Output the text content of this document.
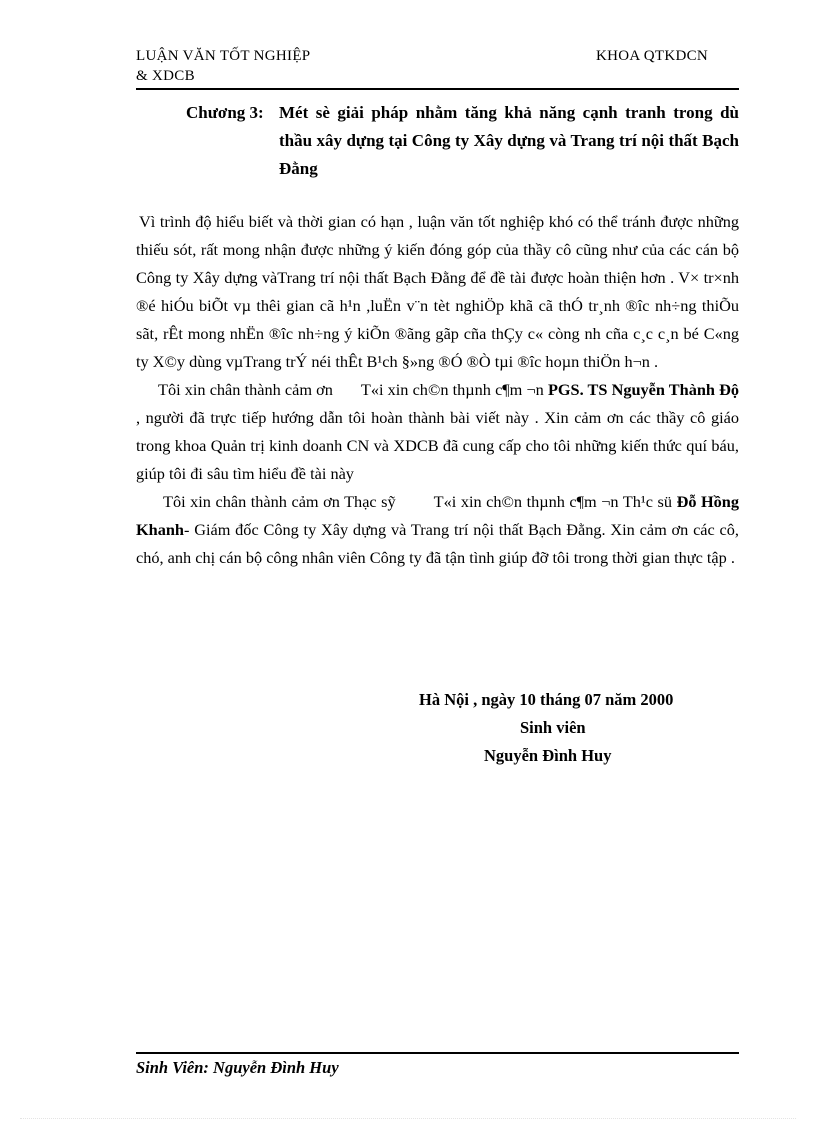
LUẬN VĂN TỐT NGHIỆP
& XDCB
KHOA QTKDCN
Chương 3: Mét sè giải pháp nhằm tăng khả năng cạnh tranh trong dù thầu xây dựng tại Công ty Xây dựng và Trang trí nội thất Bạch Đằng

Vì trình độ hiểu biết và thời gian có hạn , luận văn tốt nghiệp khó có thể tránh được những thiếu sót, rất mong nhận được những ý kiến đóng góp của thầy cô cũng như của các cán bộ Công ty Xây dựng vàTrang trí nội thất Bạch Đằng để đề tài được hoàn thiện hơn . V× tr×nh ®é hiÓu biÕt vµ thêi gian cã h¹n ,luËn v¨n tèt nghiÖp khã cã thÓ tr¸nh ®îc nh÷ng thiÕu sãt, rÊt mong nhËn ®îc nh÷ng ý kiÕn ®ãng gãp cña thÇy c« còng nh cña c¸c c¸n bé C«ng ty X©y dùng vµTrang trÝ néi thÊt B¹ch §»ng ®Ó ®Ò tµi ®îc hoµn thiÖn h¬n .

Tôi xin chân thành cảm ơn T«i xin ch©n thµnh c¶m ¬n PGS. TS Nguyễn Thành Độ , người đã trực tiếp hướng dẫn tôi hoàn thành bài viết này . Xin cảm ơn các thầy cô giáo trong khoa Quản trị kinh doanh CN và XDCB đã cung cấp cho tôi những kiến thức quí báu, giúp tôi đi sâu tìm hiểu đề tài này

Tôi xin chân thành cảm ơn Thạc sỹ T«i xin ch©n thµnh c¶m ¬n Th¹c sü Đỗ Hồng Khanh- Giám đốc Công ty Xây dựng và Trang trí nội thất Bạch Đằng. Xin cảm ơn các cô, chó, anh chị cán bộ công nhân viên Công ty đã tận tình giúp đỡ tôi trong thời gian thực tập .

Hà Nội , ngày 10 tháng 07 năm 2000
Sinh viên
Nguyễn Đình Huy
Sinh Viên: Nguyễn Đình Huy
